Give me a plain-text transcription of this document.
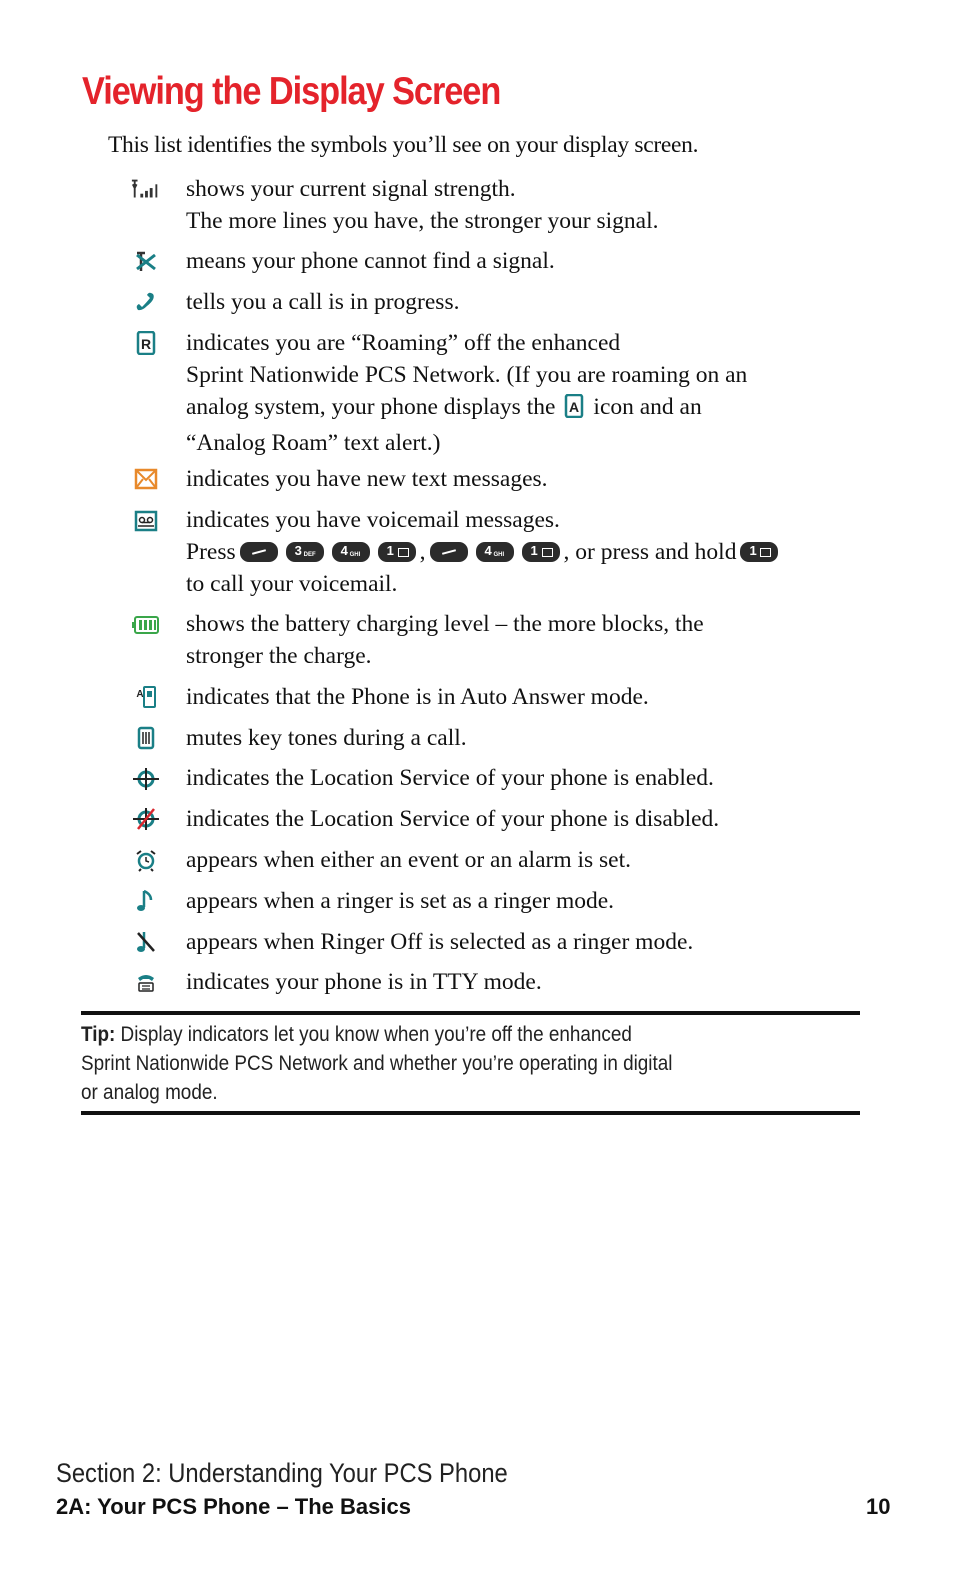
Viewing the Display Screen
This list identifies the symbols you’ll see on your display screen.
shows your current signal strength.
The more lines you have, the stronger your signal.
means your phone cannot find a signal.
tells you a call is in progress.
R indicates you are “Roaming” off the enhanced
Sprint Nationwide PCS Network. (If you are roaming on an
analog system, your phone displays the A icon and an
“Analog Roam” text alert.)
indicates you have new text messages.
indicates you have voicemail messages.
Press	3 DEF 4 GHI 1 ,	4 GHI 1 , or press and hold 1
to call your voicemail.
shows the battery charging level – the more blocks, the
stronger the charge.
A indicates that the Phone is in Auto Answer mode.
mutes key tones during a call.
indicates the Location Service of your phone is enabled.
indicates the Location Service of your phone is disabled.
appears when either an event or an alarm is set.
appears when a ringer is set as a ringer mode.
appears when Ringer Off is selected as a ringer mode.
indicates your phone is in TTY mode.
Tip: Display indicators let you know when you’re off the enhanced
Sprint Nationwide PCS Network and whether you’re operating in digital
or analog mode.
Section 2: Understanding Your PCS Phone
2A: Your PCS Phone – The Basics	10
